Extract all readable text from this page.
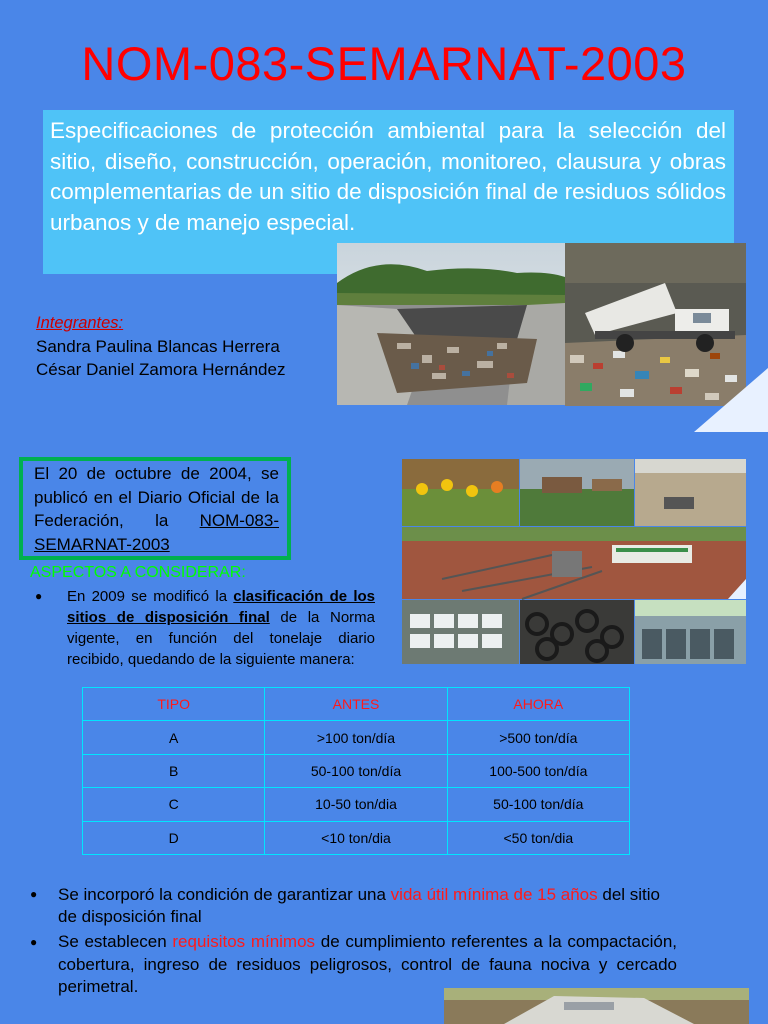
NOM-083-SEMARNAT-2003
Especificaciones de protección ambiental para la selección del sitio, diseño, construcción, operación, monitoreo, clausura y obras complementarias de un sitio de disposición final de residuos sólidos urbanos y de manejo especial.
Integrantes:
Sandra Paulina Blancas Herrera
César Daniel Zamora Hernández
El 20 de octubre de 2004, se publicó en el Diario Oficial de la Federación, la NOM-083-SEMARNAT-2003
ASPECTOS A CONSIDERAR:
● En 2009 se modificó la clasificación de los sitios de disposición final de la Norma vigente, en función del tonelaje diario recibido, quedando de la siguiente manera:
TIPO	ANTES	AHORA
A	>100 ton/día	>500 ton/día
B	50-100 ton/día	100-500 ton/día
C	10-50 ton/dia	50-100 ton/día
D	<10 ton/dia	<50 ton/dia
● Se incorporó la condición de garantizar una vida útil mínima de 15 años del sitio de disposición final
● Se establecen requisitos mínimos de cumplimiento referentes a la compactación, cobertura, ingreso de residuos peligrosos, control de fauna nociva y cercado perimetral.
